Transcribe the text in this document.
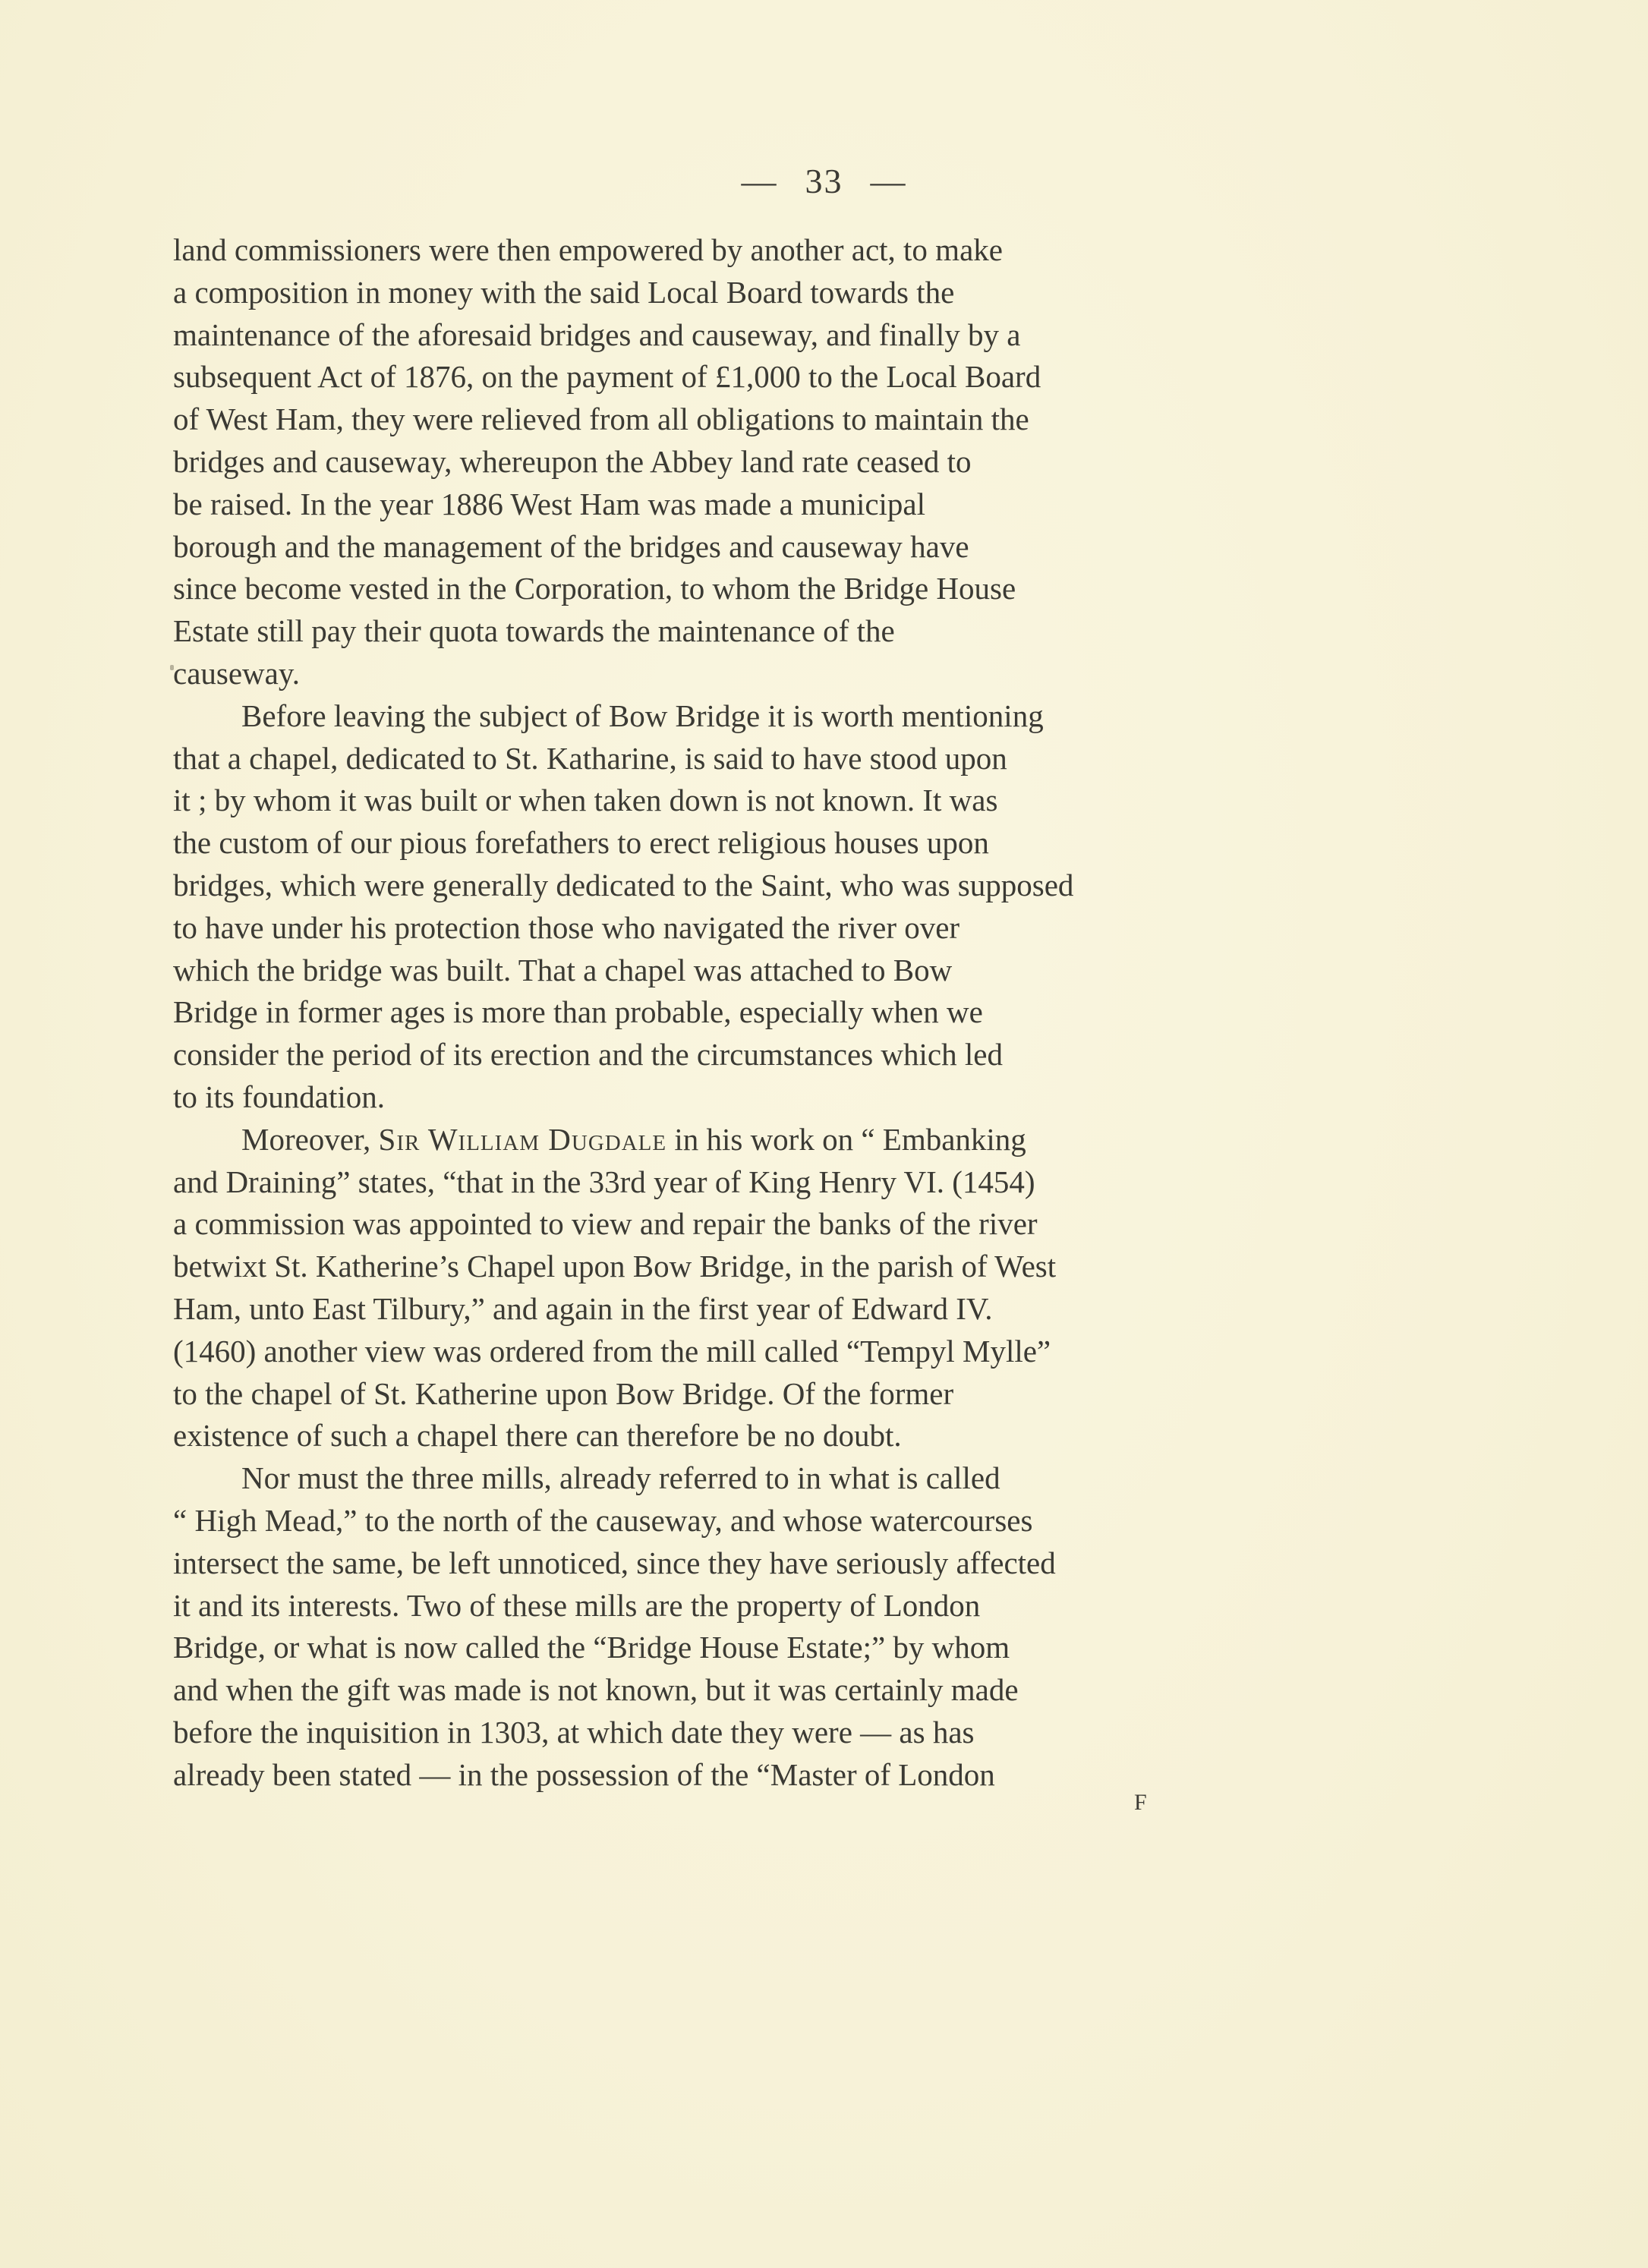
— 33 —
land commissioners were then empowered by another act, to make
a composition in money with the said Local Board towards the
maintenance of the aforesaid bridges and causeway, and finally by a
subsequent Act of 1876, on the payment of £1,000 to the Local Board
of West Ham, they were relieved from all obligations to maintain the
bridges and causeway, whereupon the Abbey land rate ceased to
be raised. In the year 1886 West Ham was made a municipal
borough and the management of the bridges and causeway have
since become vested in the Corporation, to whom the Bridge House
Estate still pay their quota towards the maintenance of the
causeway.
Before leaving the subject of Bow Bridge it is worth mentioning
that a chapel, dedicated to St. Katharine, is said to have stood upon
it ; by whom it was built or when taken down is not known. It was
the custom of our pious forefathers to erect religious houses upon
bridges, which were generally dedicated to the Saint, who was supposed
to have under his protection those who navigated the river over
which the bridge was built. That a chapel was attached to Bow
Bridge in former ages is more than probable, especially when we
consider the period of its erection and the circumstances which led
to its foundation.
Moreover, Sir William Dugdale in his work on “ Embanking
and Draining” states, “that in the 33rd year of King Henry VI. (1454)
a commission was appointed to view and repair the banks of the river
betwixt St. Katherine’s Chapel upon Bow Bridge, in the parish of West
Ham, unto East Tilbury,” and again in the first year of Edward IV.
(1460) another view was ordered from the mill called “Tempyl Mylle”
to the chapel of St. Katherine upon Bow Bridge. Of the former
existence of such a chapel there can therefore be no doubt.
Nor must the three mills, already referred to in what is called
“ High Mead,” to the north of the causeway, and whose watercourses
intersect the same, be left unnoticed, since they have seriously affected
it and its interests. Two of these mills are the property of London
Bridge, or what is now called the “Bridge House Estate;” by whom
and when the gift was made is not known, but it was certainly made
before the inquisition in 1303, at which date they were — as has
already been stated — in the possession of the “Master of London
F
